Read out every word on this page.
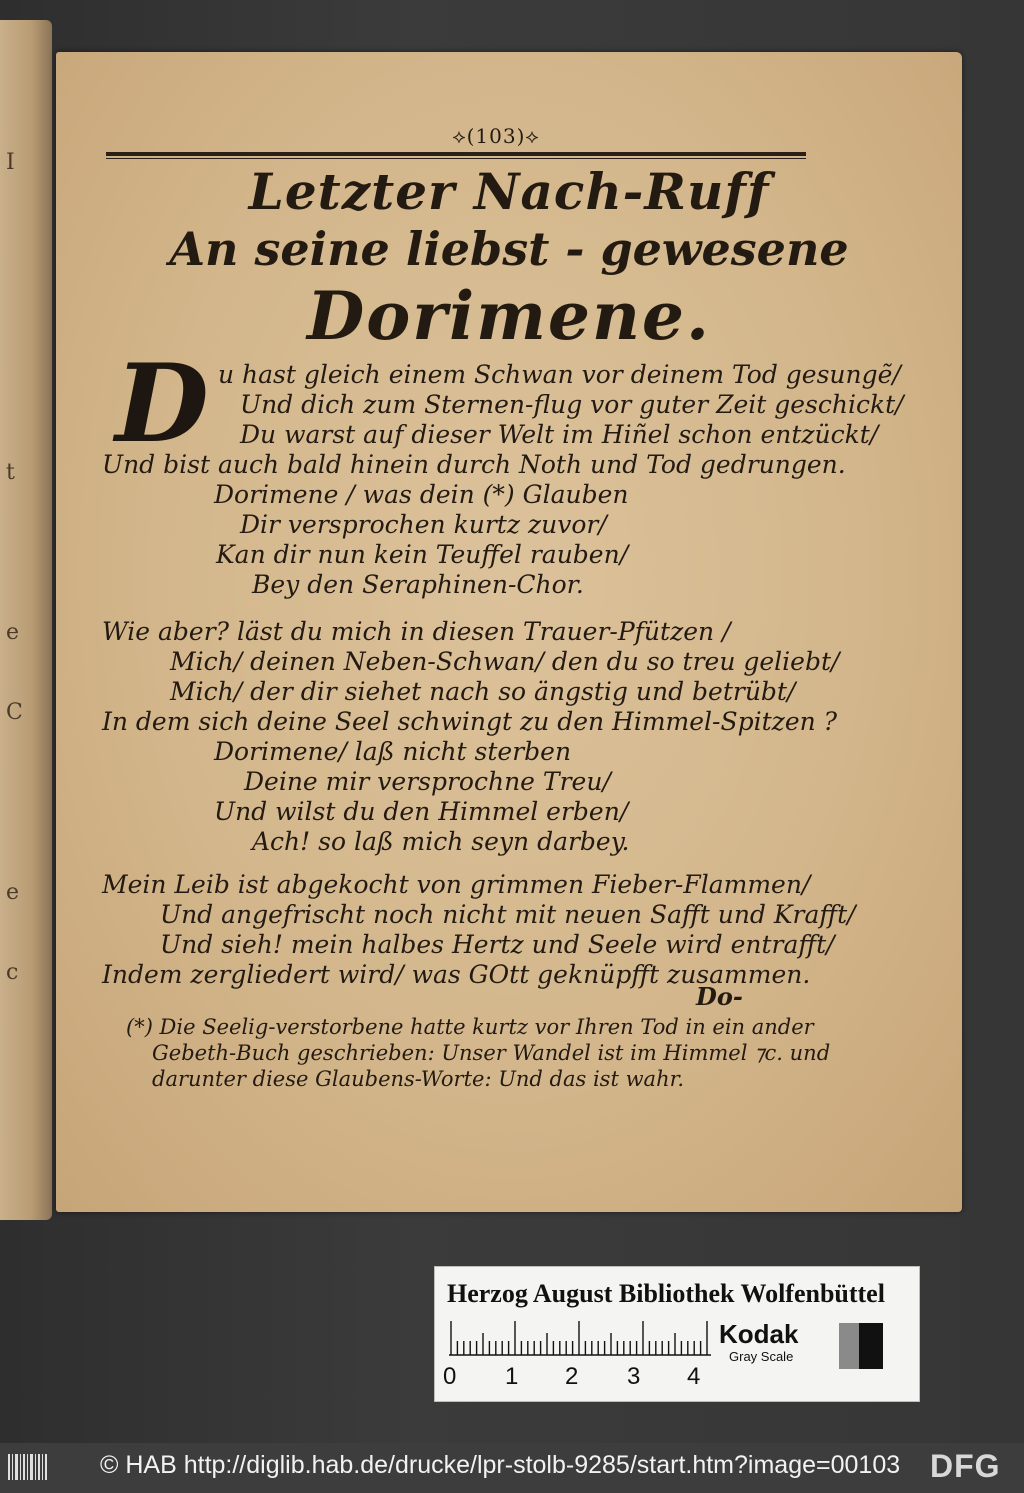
I
t
e
C
e
c
⟡(103)⟡
Letzter Nach-Ruff
An seine liebst - gewesene
Dorimene.
D u hast gleich einem Schwan vor deinem Tod gesungẽ/
Und dich zum Sternen-flug vor guter Zeit geschickt/
Du warst auf dieser Welt im Hiñel schon entzückt/
Und bist auch bald hinein durch Noth und Tod gedrungen.
Dorimene / was dein (*) Glauben
Dir versprochen kurtz zuvor/
Kan dir nun kein Teuffel rauben/
Bey den Seraphinen-Chor.
Wie aber? läst du mich in diesen Trauer-Pfützen /
Mich/ deinen Neben-Schwan/ den du so treu geliebt/
Mich/ der dir siehet nach so ängstig und betrübt/
In dem sich deine Seel schwingt zu den Himmel-Spitzen ?
Dorimene/ laß nicht sterben
Deine mir versprochne Treu/
Und wilst du den Himmel erben/
Ach! so laß mich seyn darbey.
Mein Leib ist abgekocht von grimmen Fieber-Flammen/
Und angefrischt noch nicht mit neuen Safft und Krafft/
Und sieh! mein halbes Hertz und Seele wird entrafft/
Indem zergliedert wird/ was GOtt geknüpfft zusammen.
Do-
(*) Die Seelig-verstorbene hatte kurtz vor Ihren Tod in ein ander
Gebeth-Buch geschrieben: Unser Wandel ist im Himmel ⁊c. und
darunter diese Glaubens-Worte: Und das ist wahr.
Herzog August Bibliothek Wolfenbüttel
0 1 2 3 4
Kodak
Gray Scale
© HAB http://diglib.hab.de/drucke/lpr-stolb-9285/start.htm?image=00103 DFG
